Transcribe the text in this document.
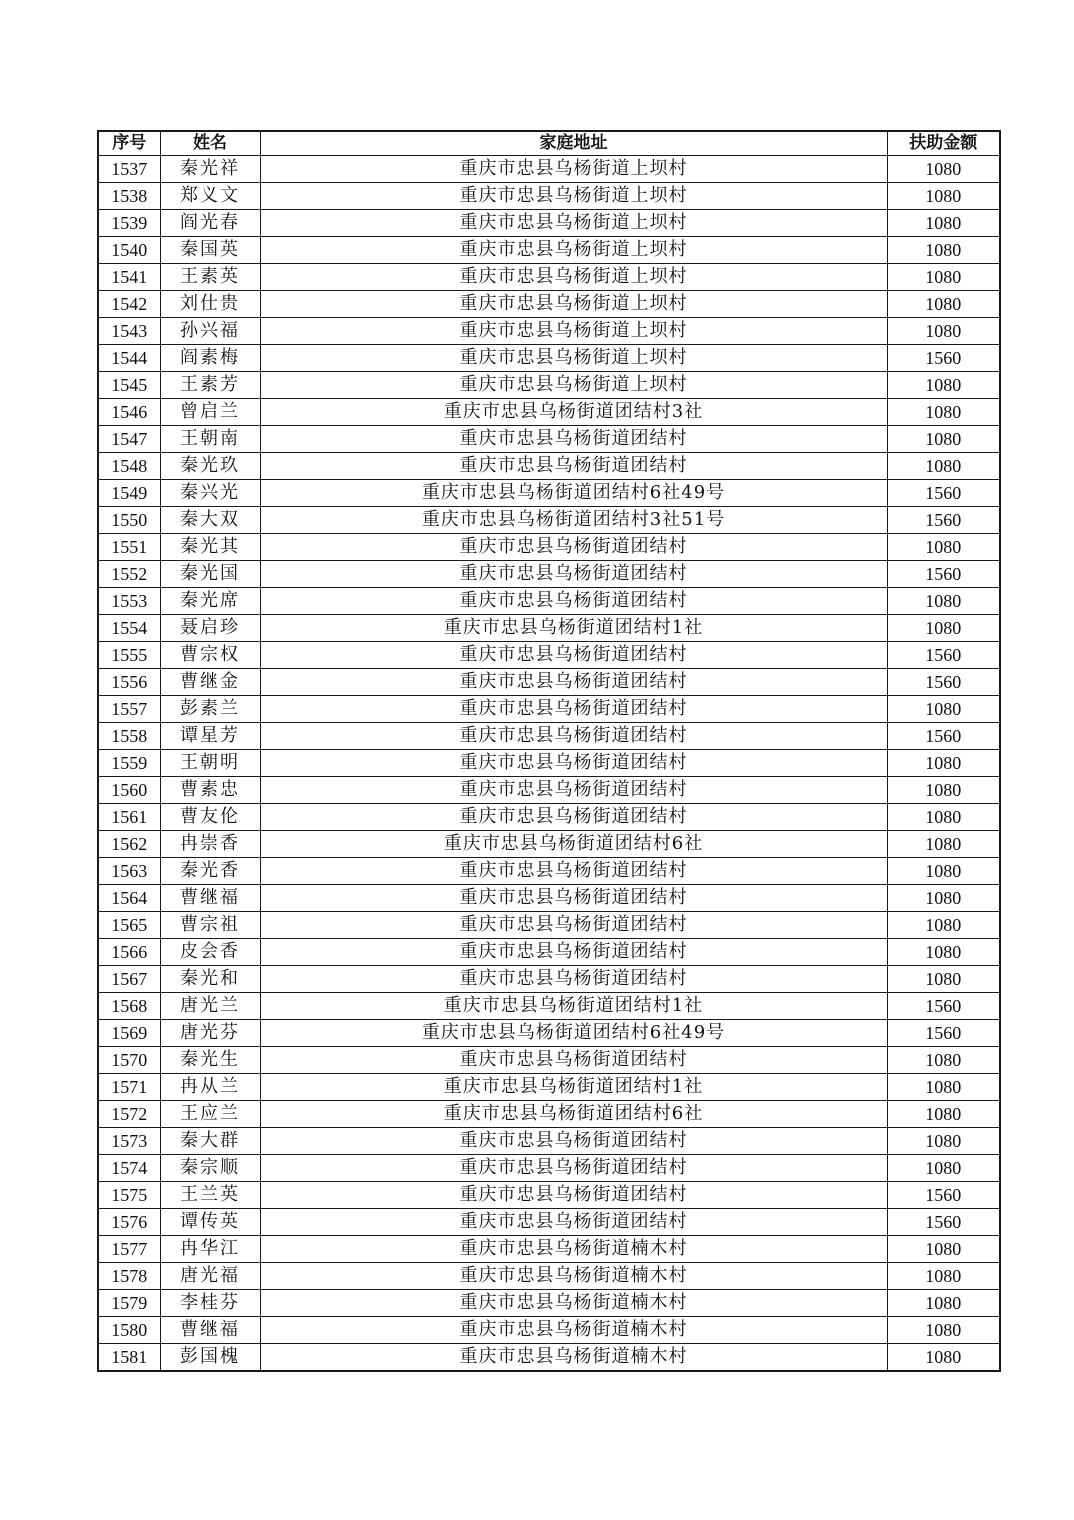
序号	姓名	家庭地址	扶助金额
1537	秦光祥	重庆市忠县乌杨街道上坝村	1080
1538	郑义文	重庆市忠县乌杨街道上坝村	1080
1539	阎光春	重庆市忠县乌杨街道上坝村	1080
1540	秦国英	重庆市忠县乌杨街道上坝村	1080
1541	王素英	重庆市忠县乌杨街道上坝村	1080
1542	刘仕贵	重庆市忠县乌杨街道上坝村	1080
1543	孙兴福	重庆市忠县乌杨街道上坝村	1080
1544	阎素梅	重庆市忠县乌杨街道上坝村	1560
1545	王素芳	重庆市忠县乌杨街道上坝村	1080
1546	曾启兰	重庆市忠县乌杨街道团结村3社	1080
1547	王朝南	重庆市忠县乌杨街道团结村	1080
1548	秦光玖	重庆市忠县乌杨街道团结村	1080
1549	秦兴光	重庆市忠县乌杨街道团结村6社49号	1560
1550	秦大双	重庆市忠县乌杨街道团结村3社51号	1560
1551	秦光其	重庆市忠县乌杨街道团结村	1080
1552	秦光国	重庆市忠县乌杨街道团结村	1560
1553	秦光席	重庆市忠县乌杨街道团结村	1080
1554	聂启珍	重庆市忠县乌杨街道团结村1社	1080
1555	曹宗权	重庆市忠县乌杨街道团结村	1560
1556	曹继金	重庆市忠县乌杨街道团结村	1560
1557	彭素兰	重庆市忠县乌杨街道团结村	1080
1558	谭星芳	重庆市忠县乌杨街道团结村	1560
1559	王朝明	重庆市忠县乌杨街道团结村	1080
1560	曹素忠	重庆市忠县乌杨街道团结村	1080
1561	曹友伦	重庆市忠县乌杨街道团结村	1080
1562	冉崇香	重庆市忠县乌杨街道团结村6社	1080
1563	秦光香	重庆市忠县乌杨街道团结村	1080
1564	曹继福	重庆市忠县乌杨街道团结村	1080
1565	曹宗祖	重庆市忠县乌杨街道团结村	1080
1566	皮会香	重庆市忠县乌杨街道团结村	1080
1567	秦光和	重庆市忠县乌杨街道团结村	1080
1568	唐光兰	重庆市忠县乌杨街道团结村1社	1560
1569	唐光芬	重庆市忠县乌杨街道团结村6社49号	1560
1570	秦光生	重庆市忠县乌杨街道团结村	1080
1571	冉从兰	重庆市忠县乌杨街道团结村1社	1080
1572	王应兰	重庆市忠县乌杨街道团结村6社	1080
1573	秦大群	重庆市忠县乌杨街道团结村	1080
1574	秦宗顺	重庆市忠县乌杨街道团结村	1080
1575	王兰英	重庆市忠县乌杨街道团结村	1560
1576	谭传英	重庆市忠县乌杨街道团结村	1560
1577	冉华江	重庆市忠县乌杨街道楠木村	1080
1578	唐光福	重庆市忠县乌杨街道楠木村	1080
1579	李桂芬	重庆市忠县乌杨街道楠木村	1080
1580	曹继福	重庆市忠县乌杨街道楠木村	1080
1581	彭国槐	重庆市忠县乌杨街道楠木村	1080
